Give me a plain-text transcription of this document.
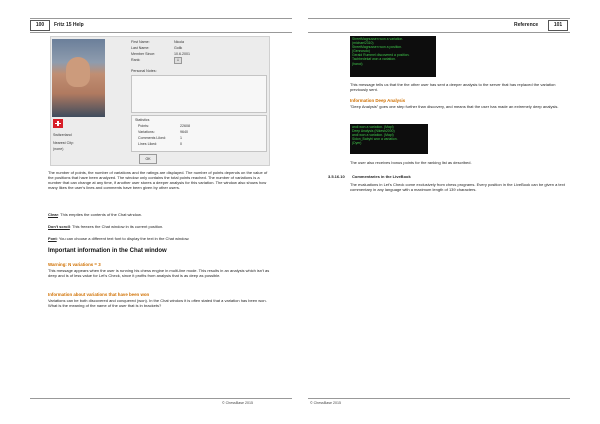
100	Fritz 15 Help
Switzerland
Nearest City:
(none)
First Name:	Nicola
Last Name:	Golik
Member Since:	10.6.2001
Rank:	♖
Personal Notes:
Statistics
Points:	22608
Variations:	9640
Comments Liked:	1
Lines Liked:	0
OK
The number of points, the number of variations and the ratings are displayed. The number of points depends on the value of the positions that have been analyzed. The window only contains the total points reached. The number of variations is a number that can change at any time, if another user stores a deeper analysis for this variation. The window also shows how many likes the user's lines and comments have been given by other users.
Clear: This empties the contents of the Chat window.
Don't scroll: This freezes the Chat window in its current position.
Font: You can choose a different text font to display the text in the Chat window.
Important information in the Chat window
Warning: N variations = 3
This message appears when the user is running his chess engine in multi-line mode. This results in an analysis which isn't as deep and is of less value for Let's Check, since it profits from analysis that is as deep as possible.
Information about variations that have been won
Variations can be both discovered and conquered (won). In the Chat window it is often stated that a variation has been won. What is the meaning of the name of the user that is in brackets?
© ChessBase 2015
Reference	101
StreetMagnussen won a variation.
(michael2310)
StreetMagnussen won a position.
(Gennosdo)
Gerald Rummel discovered a position.
Tachbedekaf won a variation.
(hanoi)
This message tells us that the the other user has sent a deeper analysis to the server that has replaced the variation previously sent.
Information Deep Analysis
"Deep Analysis" goes one step further than discovery, and means that the user has made an extremely deep analysis.
andi won a variation. (Mapl)
Deep Analysis (Nikesh2000)
andi won a variation. (Mapl)
Sidon_Babyhi won a variation.
(Dyer)
The user also receives bonus points for the ranking list as described.
3.5.16.10 Commentaries in the LiveBook
The evaluations in Let's Check come exclusively from chess programs. Every position in the LiveBook can be given a text commentary in any language with a maximum length of 139 characters.
© ChessBase 2015
